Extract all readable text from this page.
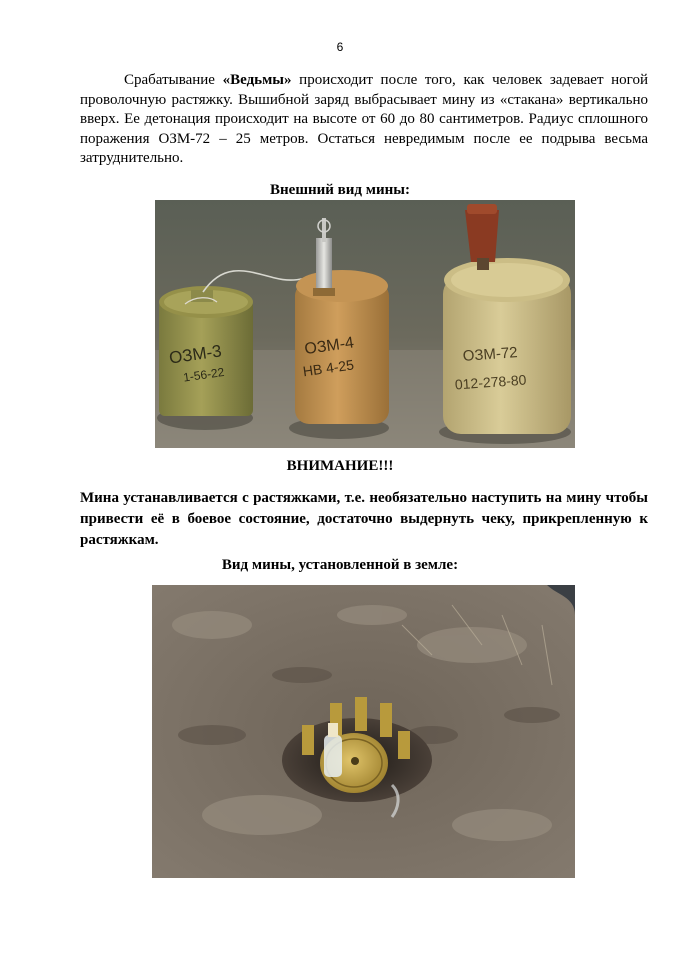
6

Срабатывание «Ведьмы» происходит после того, как человек задевает ногой проволочную растяжку. Вышибной заряд выбрасывает мину из «стакана» вертикально вверх. Ее детонация происходит на высоте от 60 до 80 сантиметров. Радиус сплошного поражения ОЗМ-72 – 25 метров. Остаться невредимым после ее подрыва весьма затруднительно.

Внешний вид мины:

ОЗМ-3
1-56-22
ОЗМ-4
НВ 4-25
ОЗМ-72
012-278-80

ВНИМАНИЕ!!!

Мина устанавливается с растяжками, т.е. необязательно наступить на мину чтобы привести её в боевое состояние, достаточно выдернуть чеку, прикрепленную к растяжкам.

Вид мины, установленной в земле:
